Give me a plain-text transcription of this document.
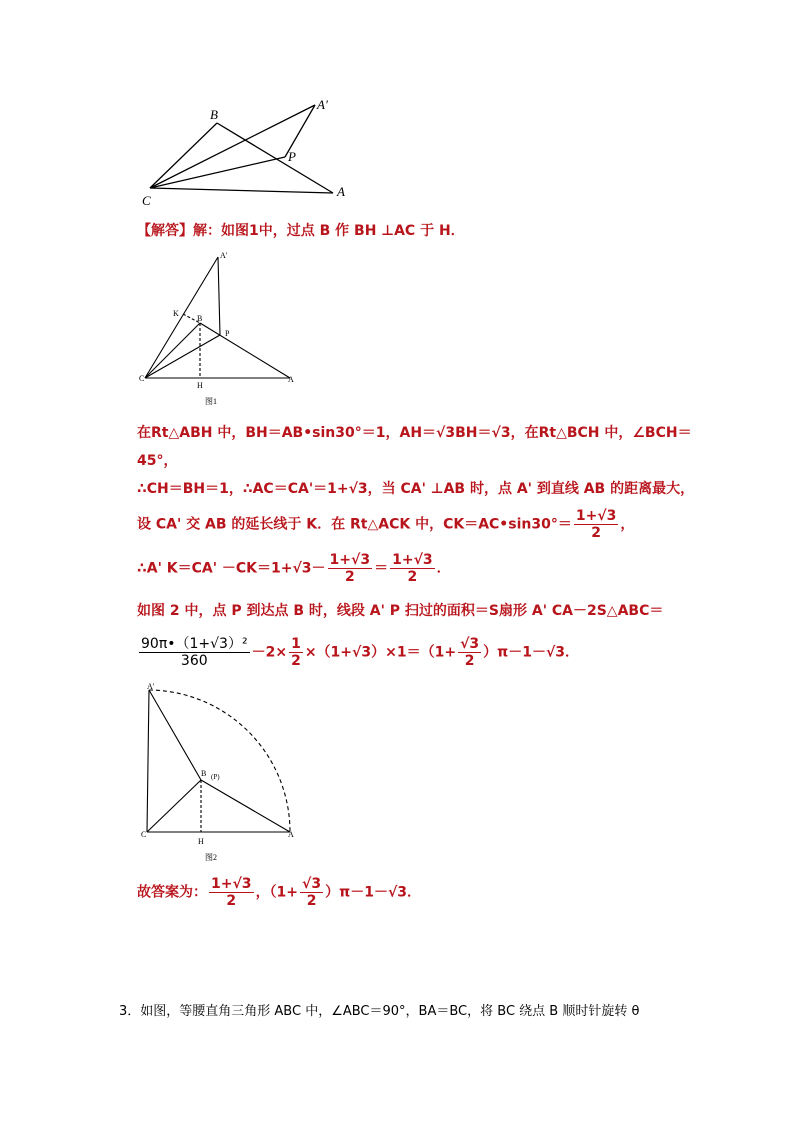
B
A'
P
C
A
【解答】解：如图1中，过点 B 作 BH ⊥AC 于 H．
A'
K
B
P
C
H
A
图1
在Rt△ABH 中，BH＝AB•sin30°＝1，AH＝√3BH＝√3，在Rt△BCH 中，∠BCH＝
45°，
∴CH＝BH＝1，∴AC＝CA'＝1+√3，当 CA' ⊥AB 时，点 A' 到直线 AB 的距离最大，
设 CA' 交 AB 的延长线于 K．在 Rt△ACK 中，CK＝AC•sin30°＝ $\frac{1+√3}{2}$ ，
∴A' $K=CA' -CK=1+√3- \frac{1+√3}{2} = \frac{1+√3}{2}$ ．
如图 2 中，点 P 到达点 B 时，线段 A' P 扫过的面积＝S扇形 A' CA－2S△ABC＝
$\frac{\text{90π•（1+√3）²}}{360} -2\times \frac{1}{2} \times(1+√3)\times 1=(1+ \frac{√3}{2} )\pi-1-√3$．
A'
B (P)
C
H
A
图2
故答案为： $\frac{1+√3}{2}$ ，$(1+ \frac{√3}{2} )\pi-1-√3$．
3．如图，等腰直角三角形 ABC 中，∠ABC＝90°，BA＝BC，将 BC 绕点 B 顺时针旋转 θ
